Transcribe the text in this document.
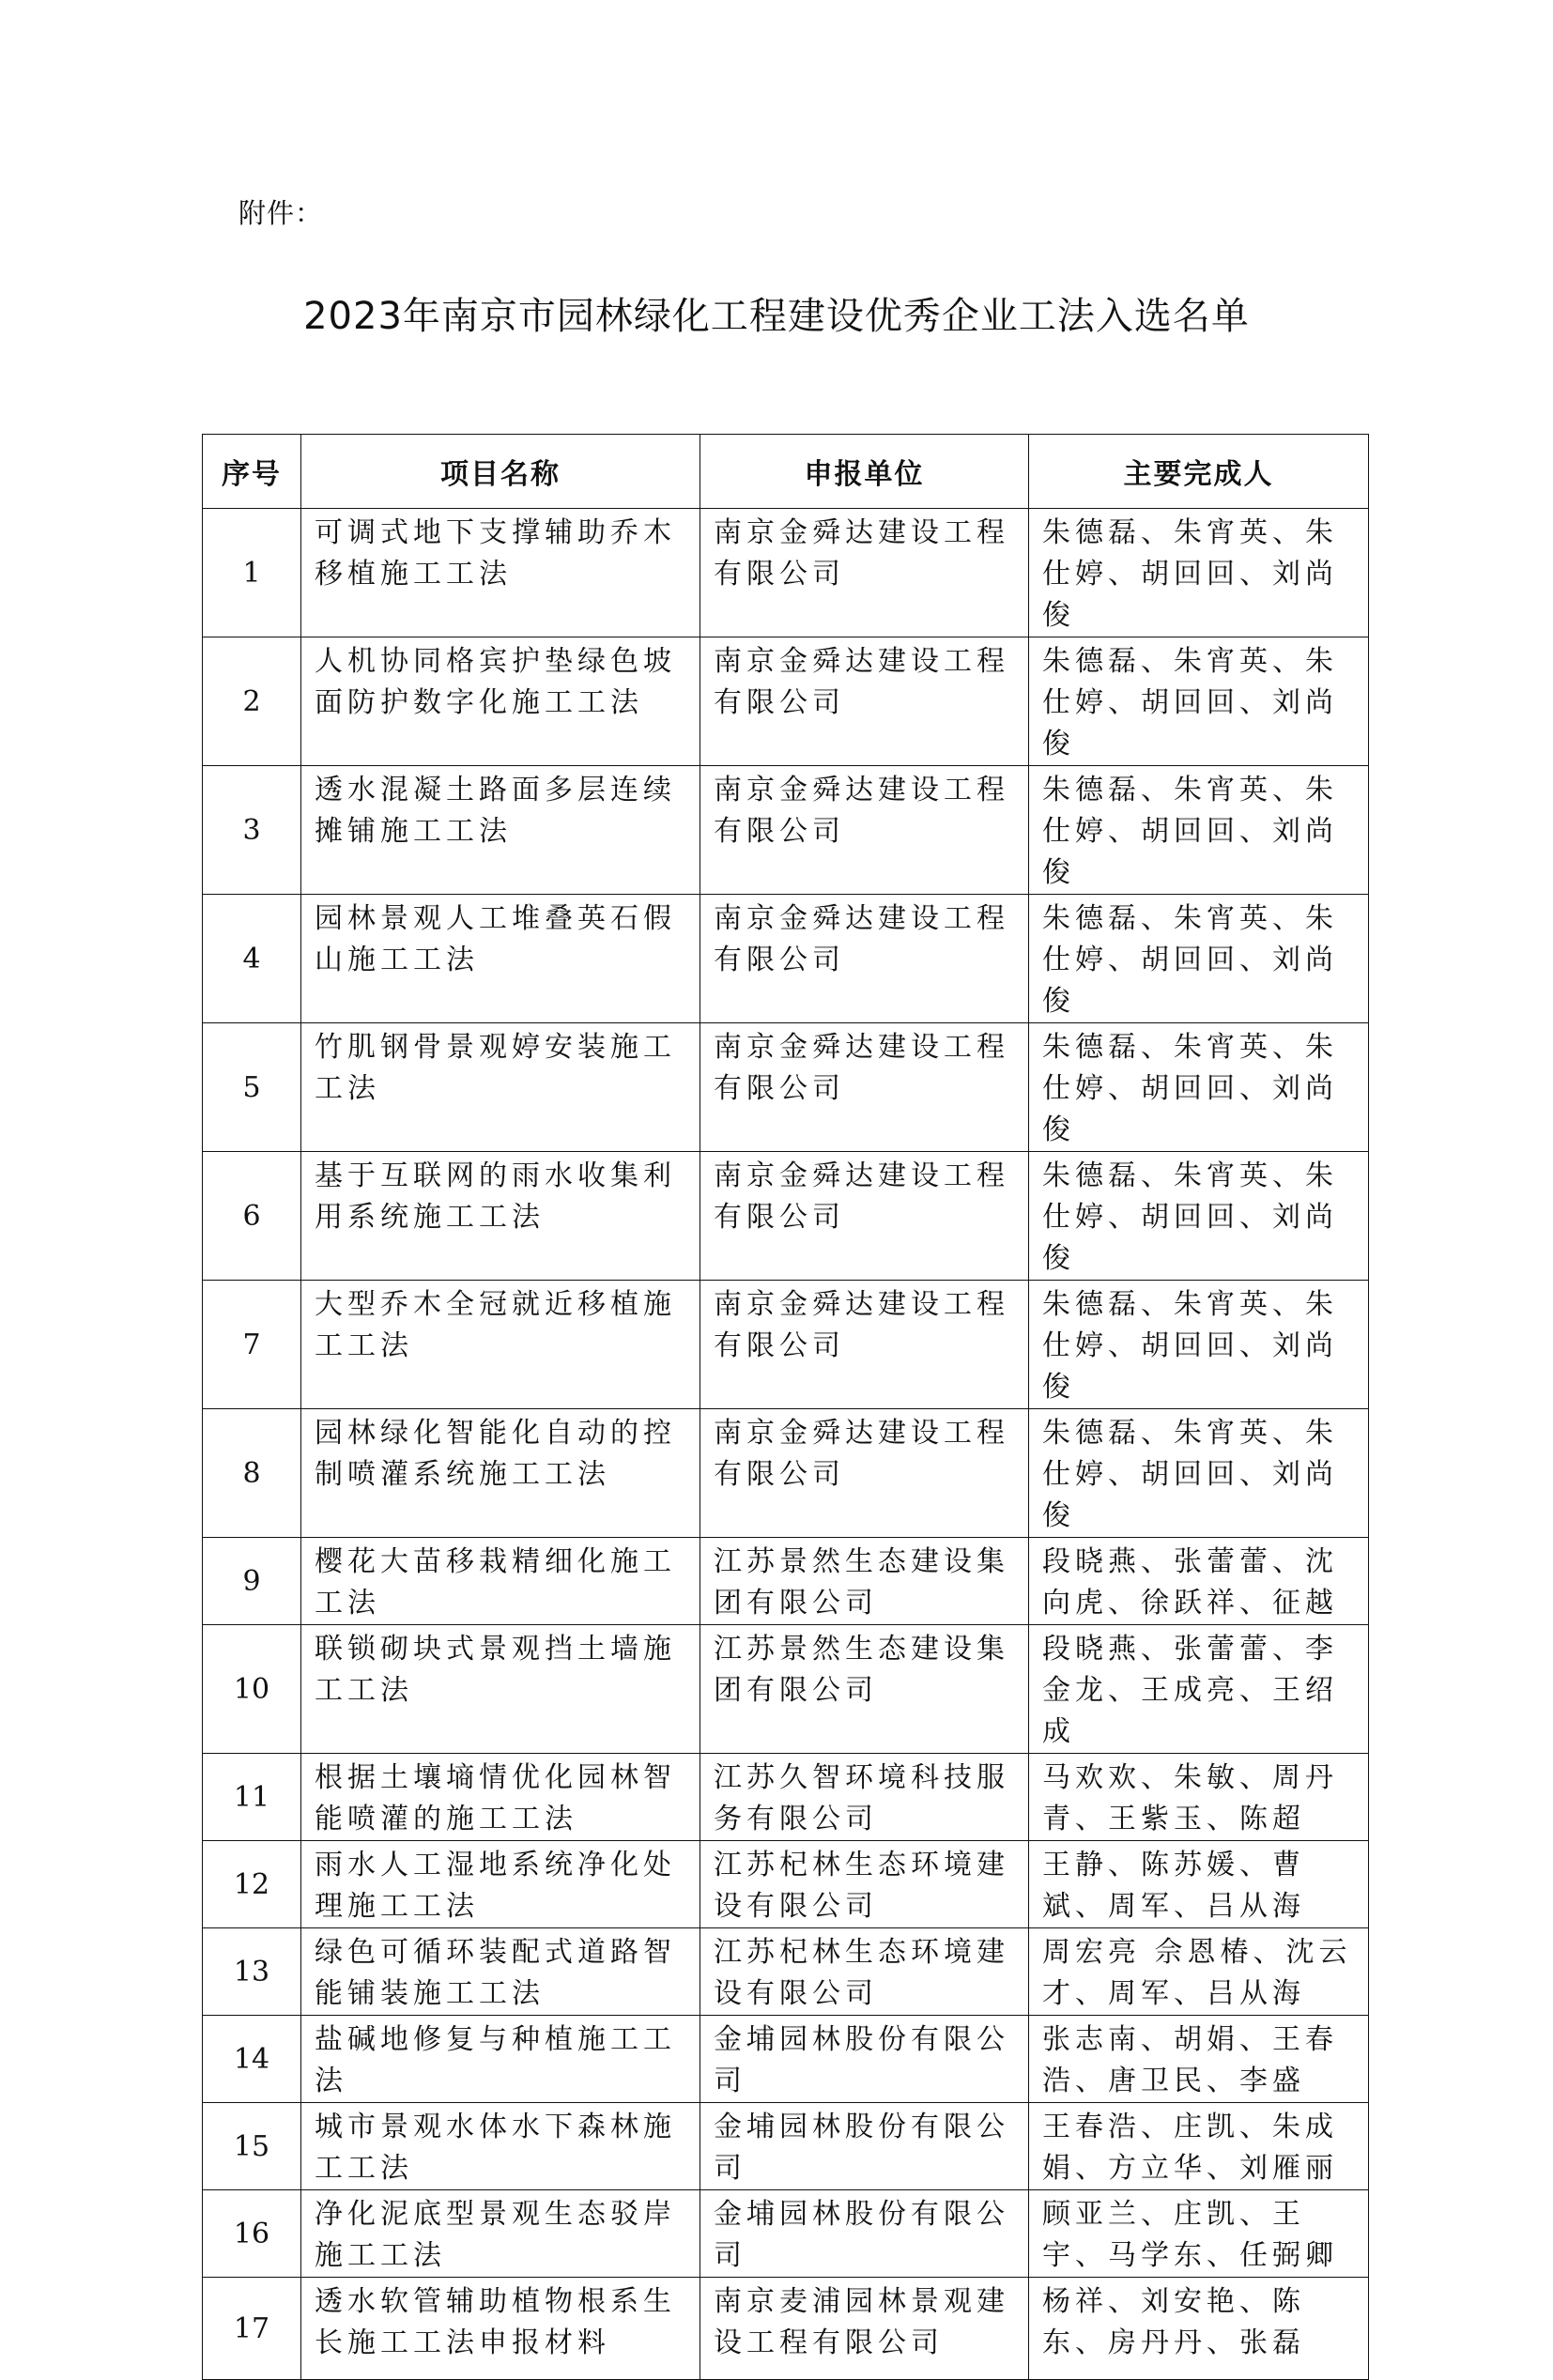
附件：
2023年南京市园林绿化工程建设优秀企业工法入选名单
序号	项目名称	申报单位	主要完成人
1	可调式地下支撑辅助乔木移植施工工法	南京金舜达建设工程有限公司	朱德磊、朱宵英、朱仕婷、胡回回、刘尚俊

2	人机协同格宾护垫绿色坡面防护数字化施工工法	南京金舜达建设工程有限公司	朱德磊、朱宵英、朱仕婷、胡回回、刘尚俊

3	透水混凝土路面多层连续摊铺施工工法	南京金舜达建设工程有限公司	朱德磊、朱宵英、朱仕婷、胡回回、刘尚俊

4	园林景观人工堆叠英石假山施工工法	南京金舜达建设工程有限公司	朱德磊、朱宵英、朱仕婷、胡回回、刘尚俊

5	竹肌钢骨景观婷安装施工工法	南京金舜达建设工程有限公司	朱德磊、朱宵英、朱仕婷、胡回回、刘尚俊

6	基于互联网的雨水收集利用系统施工工法	南京金舜达建设工程有限公司	朱德磊、朱宵英、朱仕婷、胡回回、刘尚俊

7	大型乔木全冠就近移植施工工法	南京金舜达建设工程有限公司	朱德磊、朱宵英、朱仕婷、胡回回、刘尚俊

8	园林绿化智能化自动的控制喷灌系统施工工法	南京金舜达建设工程有限公司	朱德磊、朱宵英、朱仕婷、胡回回、刘尚俊

9	樱花大苗移栽精细化施工工法	江苏景然生态建设集团有限公司	段晓燕、张蕾蕾、沈向虎、徐跃祥、征越

10	联锁砌块式景观挡土墙施工工法	江苏景然生态建设集团有限公司	段晓燕、张蕾蕾、李金龙、王成亮、王绍成

11	根据土壤墒情优化园林智能喷灌的施工工法	江苏久智环境科技服务有限公司	马欢欢、朱敏、周丹青、王紫玉、陈超

12	雨水人工湿地系统净化处理施工工法	江苏杞林生态环境建设有限公司	王静、陈苏媛、曹斌、周军、吕从海

13	绿色可循环装配式道路智能铺装施工工法	江苏杞林生态环境建设有限公司	周宏亮 佘恩椿、沈云才、周军、吕从海

14	盐碱地修复与种植施工工法	金埔园林股份有限公司	张志南、胡娟、王春浩、唐卫民、李盛

15	城市景观水体水下森林施工工法	金埔园林股份有限公司	王春浩、庄凯、朱成娟、方立华、刘雁丽

16	净化泥底型景观生态驳岸施工工法	金埔园林股份有限公司	顾亚兰、庄凯、王宇、马学东、任弼卿

17	透水软管辅助植物根系生长施工工法申报材料	南京麦浦园林景观建设工程有限公司	杨祥、刘安艳、陈东、房丹丹、张磊
